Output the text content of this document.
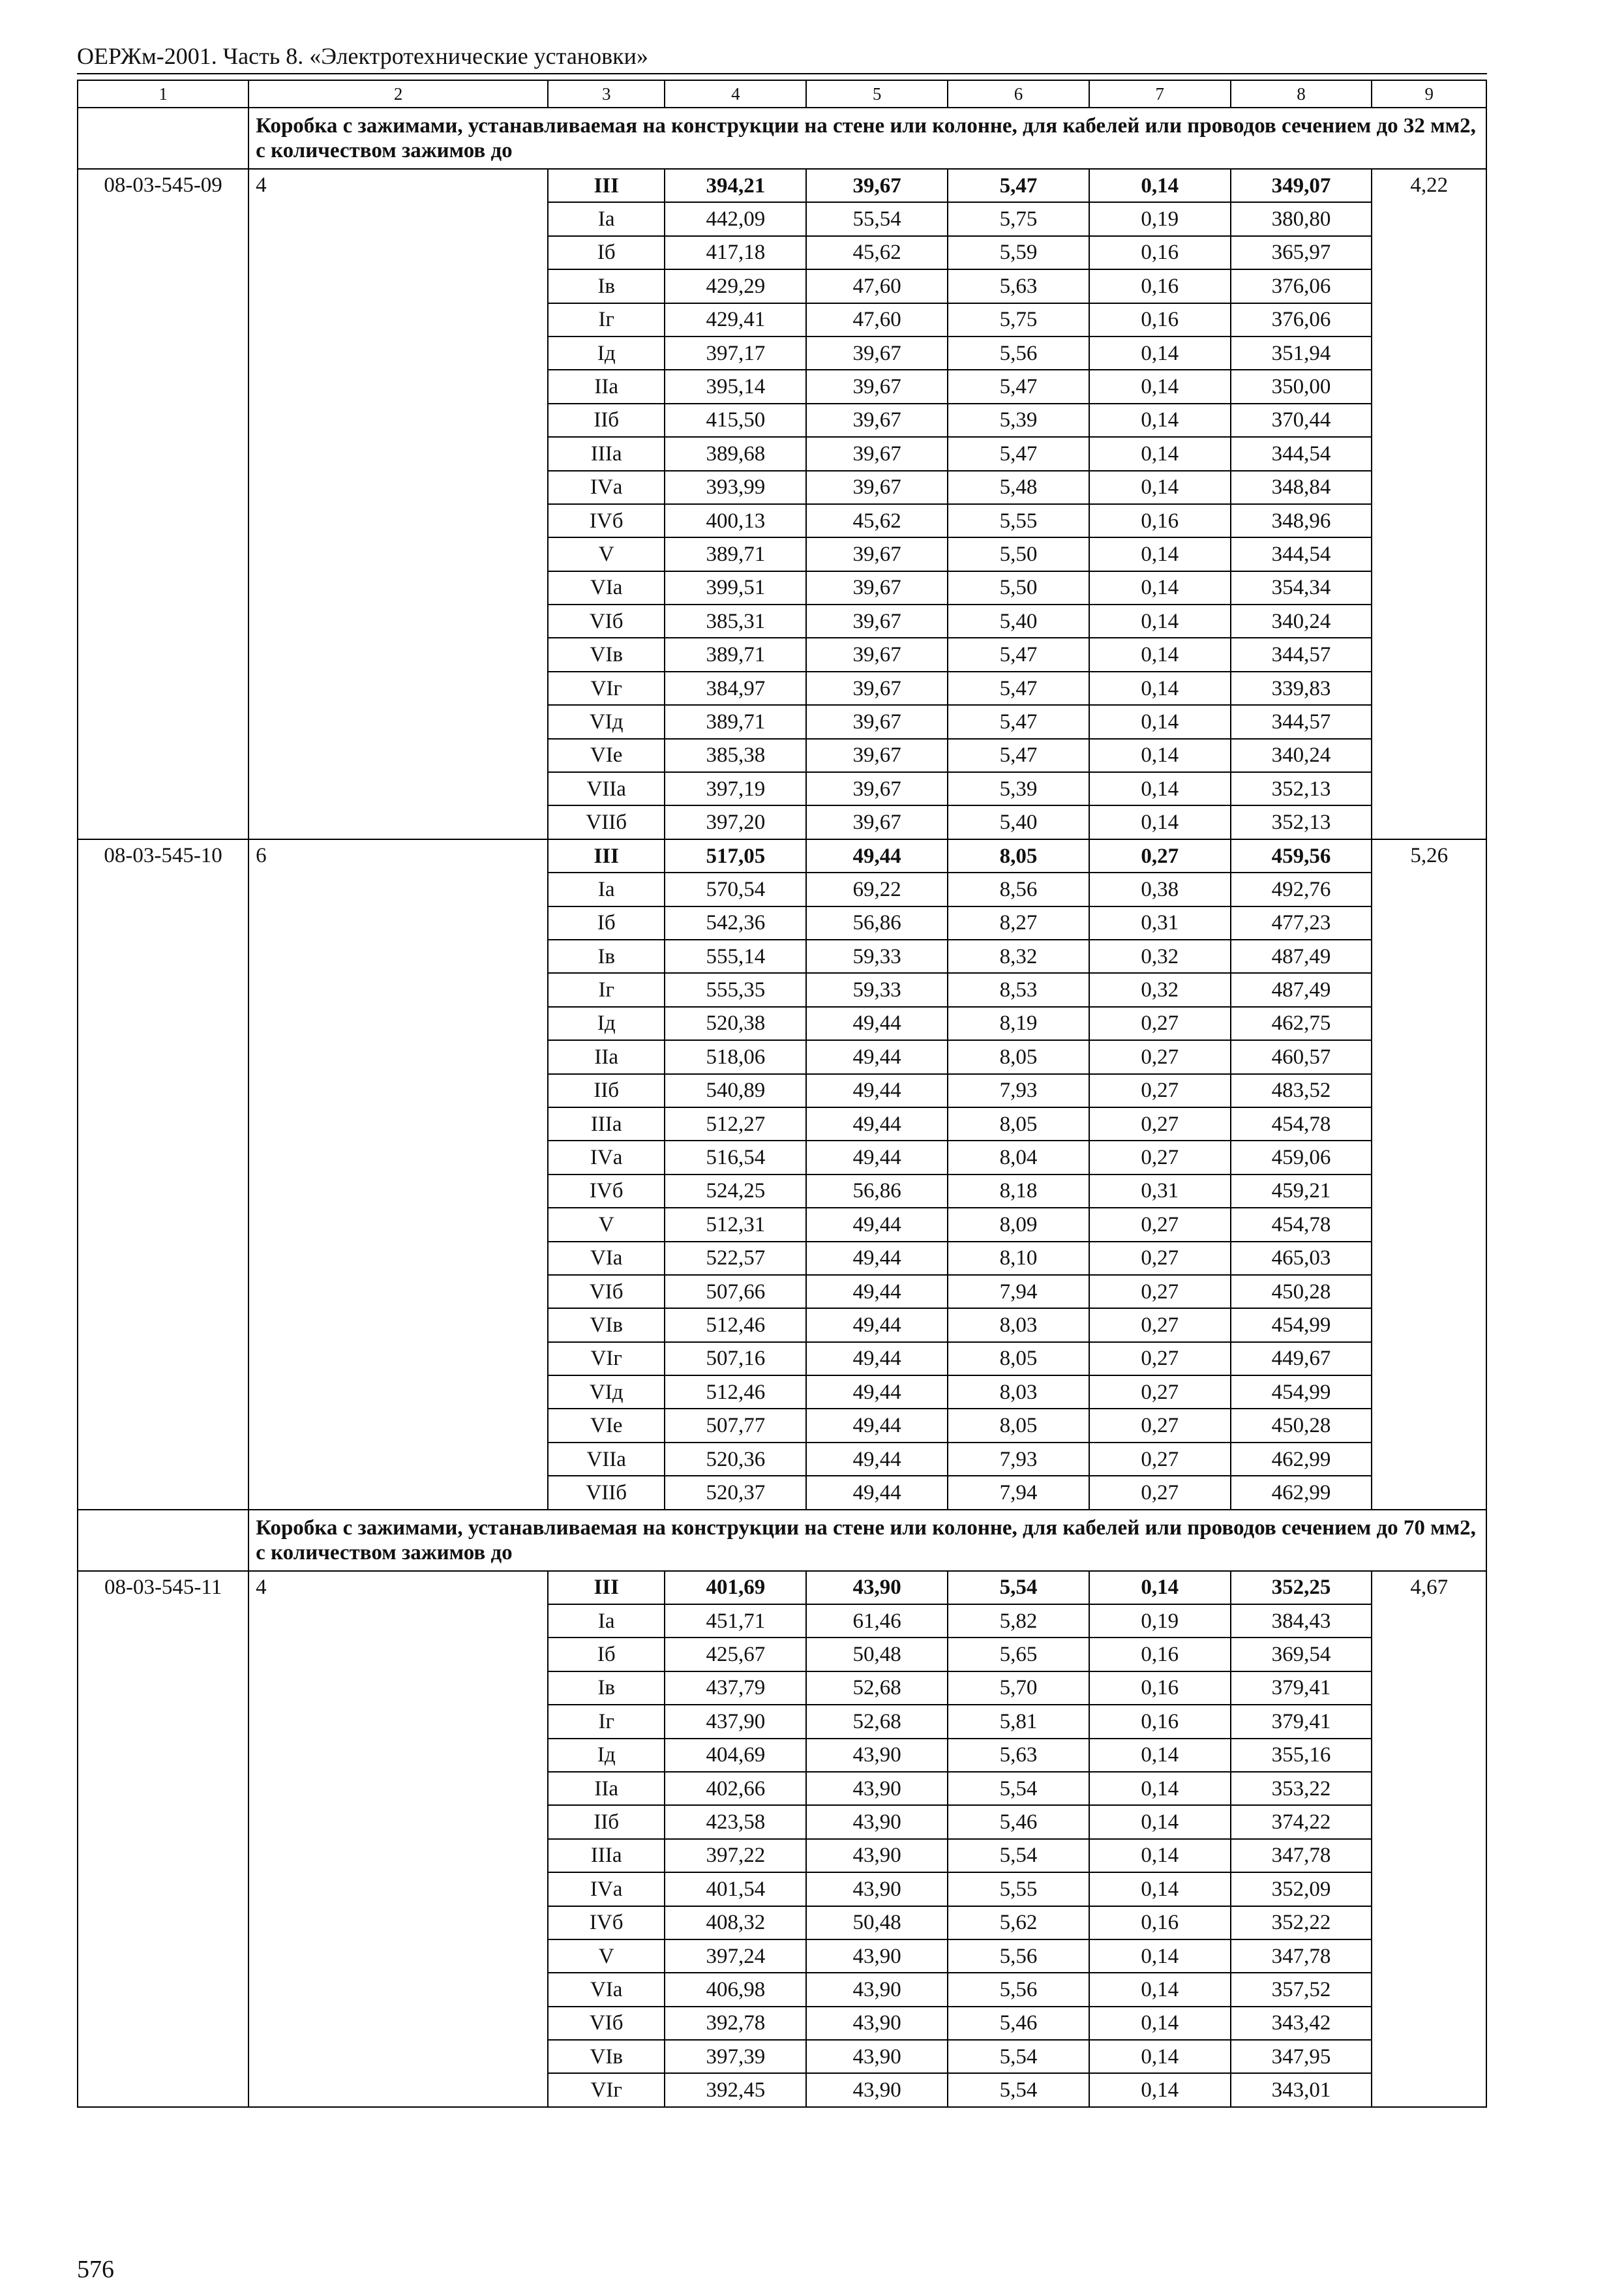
ОЕРЖм-2001. Часть 8. «Электротехнические установки»
1	2	3	4	5	6	7	8	9
	Коробка с зажимами, устанавливаемая на конструкции на стене или колонне, для кабелей или проводов сечением до 32 мм2, с количеством зажимов до							
08-03-545-09	4	III	394,21	39,67	5,47	0,14	349,07	4,22
		Iа	442,09	55,54	5,75	0,19	380,80	
		Iб	417,18	45,62	5,59	0,16	365,97	
		Iв	429,29	47,60	5,63	0,16	376,06	
		Iг	429,41	47,60	5,75	0,16	376,06	
		Iд	397,17	39,67	5,56	0,14	351,94	
		IIа	395,14	39,67	5,47	0,14	350,00	
		IIб	415,50	39,67	5,39	0,14	370,44	
		IIIа	389,68	39,67	5,47	0,14	344,54	
		IVа	393,99	39,67	5,48	0,14	348,84	
		IVб	400,13	45,62	5,55	0,16	348,96	
		V	389,71	39,67	5,50	0,14	344,54	
		VIа	399,51	39,67	5,50	0,14	354,34	
		VIб	385,31	39,67	5,40	0,14	340,24	
		VIв	389,71	39,67	5,47	0,14	344,57	
		VIг	384,97	39,67	5,47	0,14	339,83	
		VIд	389,71	39,67	5,47	0,14	344,57	
		VIе	385,38	39,67	5,47	0,14	340,24	
		VIIа	397,19	39,67	5,39	0,14	352,13	
		VIIб	397,20	39,67	5,40	0,14	352,13	
08-03-545-10	6	III	517,05	49,44	8,05	0,27	459,56	5,26
		Iа	570,54	69,22	8,56	0,38	492,76	
		Iб	542,36	56,86	8,27	0,31	477,23	
		Iв	555,14	59,33	8,32	0,32	487,49	
		Iг	555,35	59,33	8,53	0,32	487,49	
		Iд	520,38	49,44	8,19	0,27	462,75	
		IIа	518,06	49,44	8,05	0,27	460,57	
		IIб	540,89	49,44	7,93	0,27	483,52	
		IIIа	512,27	49,44	8,05	0,27	454,78	
		IVа	516,54	49,44	8,04	0,27	459,06	
		IVб	524,25	56,86	8,18	0,31	459,21	
		V	512,31	49,44	8,09	0,27	454,78	
		VIа	522,57	49,44	8,10	0,27	465,03	
		VIб	507,66	49,44	7,94	0,27	450,28	
		VIв	512,46	49,44	8,03	0,27	454,99	
		VIг	507,16	49,44	8,05	0,27	449,67	
		VIд	512,46	49,44	8,03	0,27	454,99	
		VIе	507,77	49,44	8,05	0,27	450,28	
		VIIа	520,36	49,44	7,93	0,27	462,99	
		VIIб	520,37	49,44	7,94	0,27	462,99	
	Коробка с зажимами, устанавливаемая на конструкции на стене или колонне, для кабелей или проводов сечением до 70 мм2, с количеством зажимов до							
08-03-545-11	4	III	401,69	43,90	5,54	0,14	352,25	4,67
		Iа	451,71	61,46	5,82	0,19	384,43	
		Iб	425,67	50,48	5,65	0,16	369,54	
		Iв	437,79	52,68	5,70	0,16	379,41	
		Iг	437,90	52,68	5,81	0,16	379,41	
		Iд	404,69	43,90	5,63	0,14	355,16	
		IIа	402,66	43,90	5,54	0,14	353,22	
		IIб	423,58	43,90	5,46	0,14	374,22	
		IIIа	397,22	43,90	5,54	0,14	347,78	
		IVа	401,54	43,90	5,55	0,14	352,09	
		IVб	408,32	50,48	5,62	0,16	352,22	
		V	397,24	43,90	5,56	0,14	347,78	
		VIа	406,98	43,90	5,56	0,14	357,52	
		VIб	392,78	43,90	5,46	0,14	343,42	
		VIв	397,39	43,90	5,54	0,14	347,95	
		VIг	392,45	43,90	5,54	0,14	343,01	
576
